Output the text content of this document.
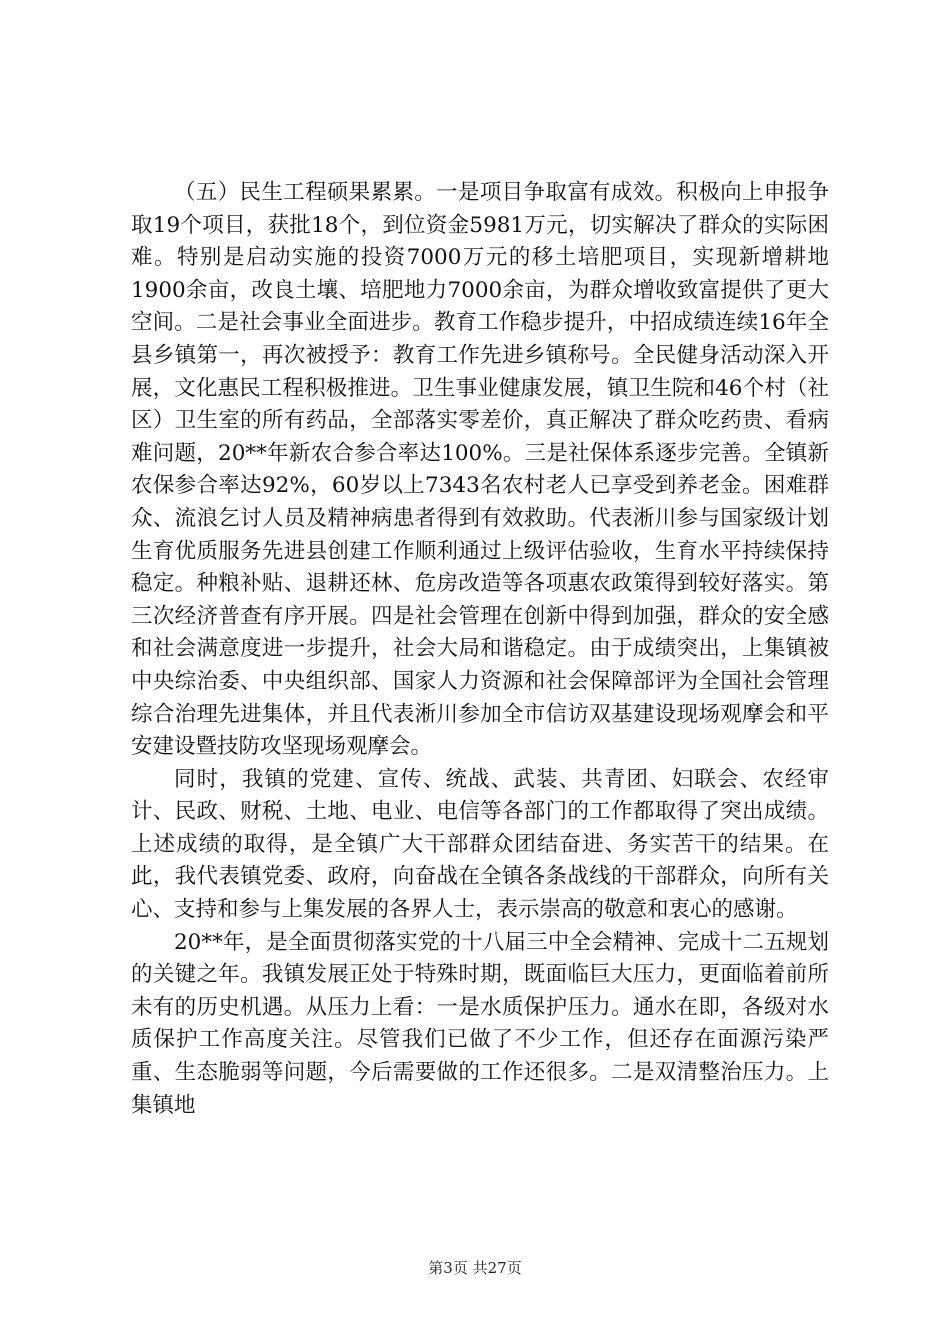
（五）民生工程硕果累累。一是项目争取富有成效。积极向上申报争取19个项目，获批18个，到位资金5981万元，切实解决了群众的实际困难。特别是启动实施的投资7000万元的移土培肥项目，实现新增耕地1900余亩，改良土壤、培肥地力7000余亩，为群众增收致富提供了更大空间。二是社会事业全面进步。教育工作稳步提升，中招成绩连续16年全县乡镇第一，再次被授予：教育工作先进乡镇称号。全民健身活动深入开展，文化惠民工程积极推进。卫生事业健康发展，镇卫生院和46个村（社区）卫生室的所有药品，全部落实零差价，真正解决了群众吃药贵、看病难问题，20**年新农合参合率达100%。三是社保体系逐步完善。全镇新农保参合率达92%，60岁以上7343名农村老人已享受到养老金。困难群众、流浪乞讨人员及精神病患者得到有效救助。代表淅川参与国家级计划生育优质服务先进县创建工作顺利通过上级评估验收，生育水平持续保持稳定。种粮补贴、退耕还林、危房改造等各项惠农政策得到较好落实。第三次经济普查有序开展。四是社会管理在创新中得到加强，群众的安全感和社会满意度进一步提升，社会大局和谐稳定。由于成绩突出，上集镇被中央综治委、中央组织部、国家人力资源和社会保障部评为全国社会管理综合治理先进集体，并且代表淅川参加全市信访双基建设现场观摩会和平安建设暨技防攻坚现场观摩会。

同时，我镇的党建、宣传、统战、武装、共青团、妇联会、农经审计、民政、财税、土地、电业、电信等各部门的工作都取得了突出成绩。上述成绩的取得，是全镇广大干部群众团结奋进、务实苦干的结果。在此，我代表镇党委、政府，向奋战在全镇各条战线的干部群众，向所有关心、支持和参与上集发展的各界人士，表示崇高的敬意和衷心的感谢。

20**年，是全面贯彻落实党的十八届三中全会精神、完成十二五规划的关键之年。我镇发展正处于特殊时期，既面临巨大压力，更面临着前所未有的历史机遇。从压力上看：一是水质保护压力。通水在即，各级对水质保护工作高度关注。尽管我们已做了不少工作，但还存在面源污染严重、生态脆弱等问题，今后需要做的工作还很多。二是双清整治压力。上集镇地

第3页 共27页
